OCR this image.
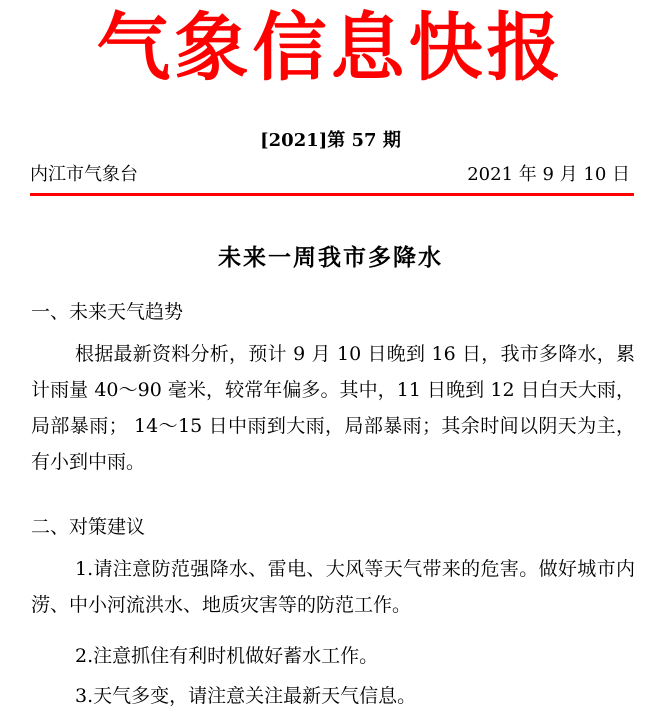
气象信息快报
[2021]第 57 期
内江市气象台	2021 年 9 月 10 日
未来一周我市多降水
一、未来天气趋势
根据最新资料分析，预计 9 月 10 日晚到 16 日，我市多降水，累计雨量 40～90 毫米，较常年偏多。其中，11 日晚到 12 日白天大雨，局部暴雨； 14～15 日中雨到大雨，局部暴雨；其余时间以阴天为主，有小到中雨。
二、对策建议
1.请注意防范强降水、雷电、大风等天气带来的危害。做好城市内涝、中小河流洪水、地质灾害等的防范工作。
2.注意抓住有利时机做好蓄水工作。
3.天气多变，请注意关注最新天气信息。
